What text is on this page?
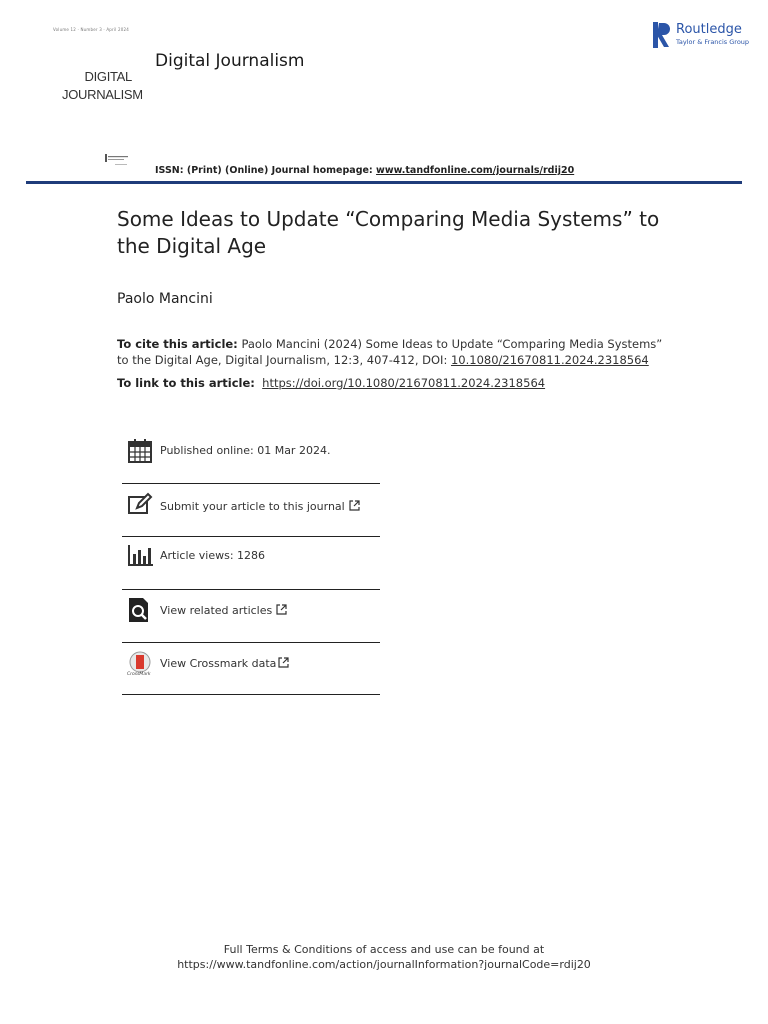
Volume 12 · Number 3 · April 2024
DIGITAL
JOURNALISM
Digital Journalism
Routledge
Taylor & Francis Group
ISSN: (Print) (Online) Journal homepage: www.tandfonline.com/journals/rdij20
Some Ideas to Update “Comparing Media Systems” to the Digital Age
Paolo Mancini
To cite this article: Paolo Mancini (2024) Some Ideas to Update “Comparing Media Systems” to the Digital Age, Digital Journalism, 12:3, 407-412, DOI: 10.1080/21670811.2024.2318564
To link to this article: https://doi.org/10.1080/21670811.2024.2318564
Published online: 01 Mar 2024.
Submit your article to this journal
Article views: 1286
View related articles
CrossMark
View Crossmark data
Full Terms & Conditions of access and use can be found at
https://www.tandfonline.com/action/journalInformation?journalCode=rdij20
